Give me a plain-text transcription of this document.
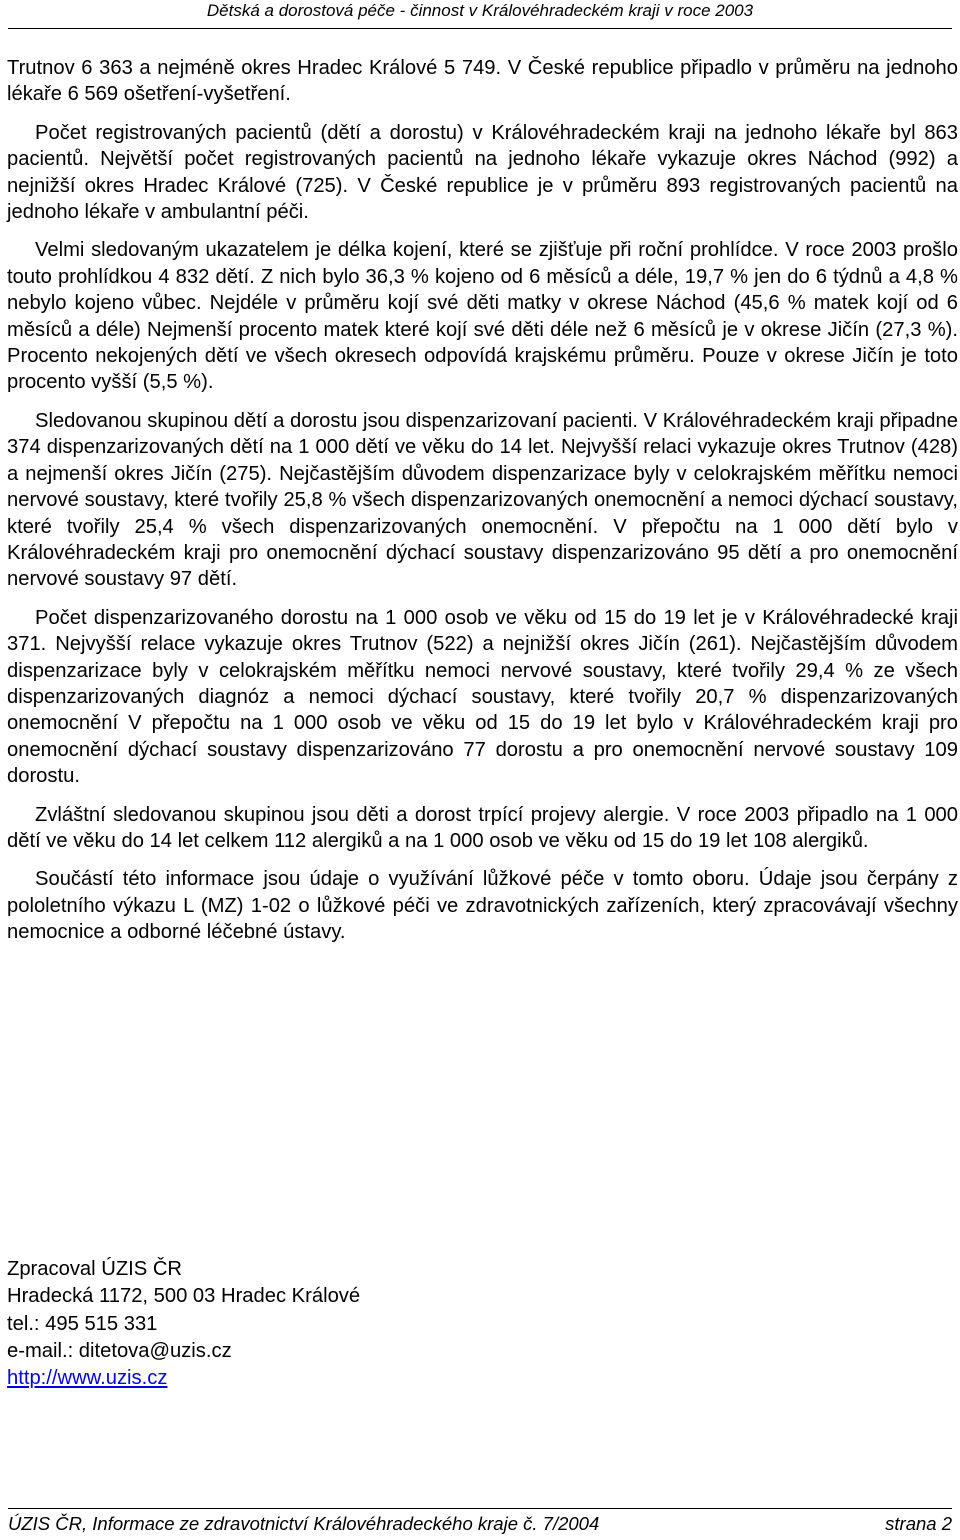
Dětská a dorostová péče - činnost v Královéhradeckém kraji v roce 2003

Trutnov 6 363 a nejméně okres Hradec Králové 5 749. V České republice připadlo v průměru na jednoho lékaře 6 569 ošetření-vyšetření.

Počet registrovaných pacientů (dětí a dorostu) v Královéhradeckém kraji na jednoho lékaře byl 863 pacientů. Největší počet registrovaných pacientů na jednoho lékaře vykazuje okres Náchod (992) a nejnižší okres Hradec Králové (725). V České republice je v průměru 893 registrovaných pacientů na jednoho lékaře v ambulantní péči.

Velmi sledovaným ukazatelem je délka kojení, které se zjišťuje při roční prohlídce. V roce 2003 prošlo touto prohlídkou 4 832 dětí. Z nich bylo 36,3 % kojeno od 6 měsíců a déle, 19,7 % jen do 6 týdnů a 4,8 % nebylo kojeno vůbec. Nejdéle v průměru kojí své děti matky v okrese Náchod (45,6 % matek kojí od 6 měsíců a déle) Nejmenší procento matek které kojí své děti déle než 6 měsíců je v okrese Jičín (27,3 %). Procento nekojených dětí ve všech okresech odpovídá krajskému průměru. Pouze v okrese Jičín je toto procento vyšší (5,5 %).

Sledovanou skupinou dětí a dorostu jsou dispenzarizovaní pacienti. V Královéhradeckém kraji připadne 374 dispenzarizovaných dětí na 1 000 dětí ve věku do 14 let. Nejvyšší relaci vykazuje okres Trutnov (428) a nejmenší okres Jičín (275). Nejčastějším důvodem dispenzarizace byly v celokrajském měřítku nemoci nervové soustavy, které tvořily 25,8 % všech dispenzarizovaných onemocnění a nemoci dýchací soustavy, které tvořily 25,4 % všech dispenzarizovaných onemocnění. V přepočtu na 1 000 dětí bylo v Královéhradeckém kraji pro onemocnění dýchací soustavy dispenzarizováno 95 dětí a pro onemocnění nervové soustavy 97 dětí.

Počet dispenzarizovaného dorostu na 1 000 osob ve věku od 15 do 19 let je v Královéhradecké kraji 371. Nejvyšší relace vykazuje okres Trutnov (522) a nejnižší okres Jičín (261). Nejčastějším důvodem dispenzarizace byly v celokrajském měřítku nemoci nervové soustavy, které tvořily 29,4 % ze všech dispenzarizovaných diagnóz a nemoci dýchací soustavy, které tvořily 20,7 % dispenzarizovaných onemocnění V přepočtu na 1 000 osob ve věku od 15 do 19 let bylo v Královéhradeckém kraji pro onemocnění dýchací soustavy dispenzarizováno 77 dorostu a pro onemocnění nervové soustavy 109 dorostu.

Zvláštní sledovanou skupinou jsou děti a dorost trpící projevy alergie. V roce 2003 připadlo na 1 000 dětí ve věku do 14 let celkem 112 alergiků a na 1 000 osob ve věku od 15 do 19 let 108 alergiků.

Součástí této informace jsou údaje o využívání lůžkové péče v tomto oboru. Údaje jsou čerpány z pololetního výkazu L (MZ) 1-02 o lůžkové péči ve zdravotnických zařízeních, který zpracovávají všechny nemocnice a odborné léčebné ústavy.

Zpracoval ÚZIS ČR
Hradecká 1172, 500 03 Hradec Králové
tel.: 495 515 331
e-mail.: ditetova@uzis.cz
http://www.uzis.cz
ÚZIS ČR, Informace ze zdravotnictví Královéhradeckého kraje č. 7/2004	strana 2
